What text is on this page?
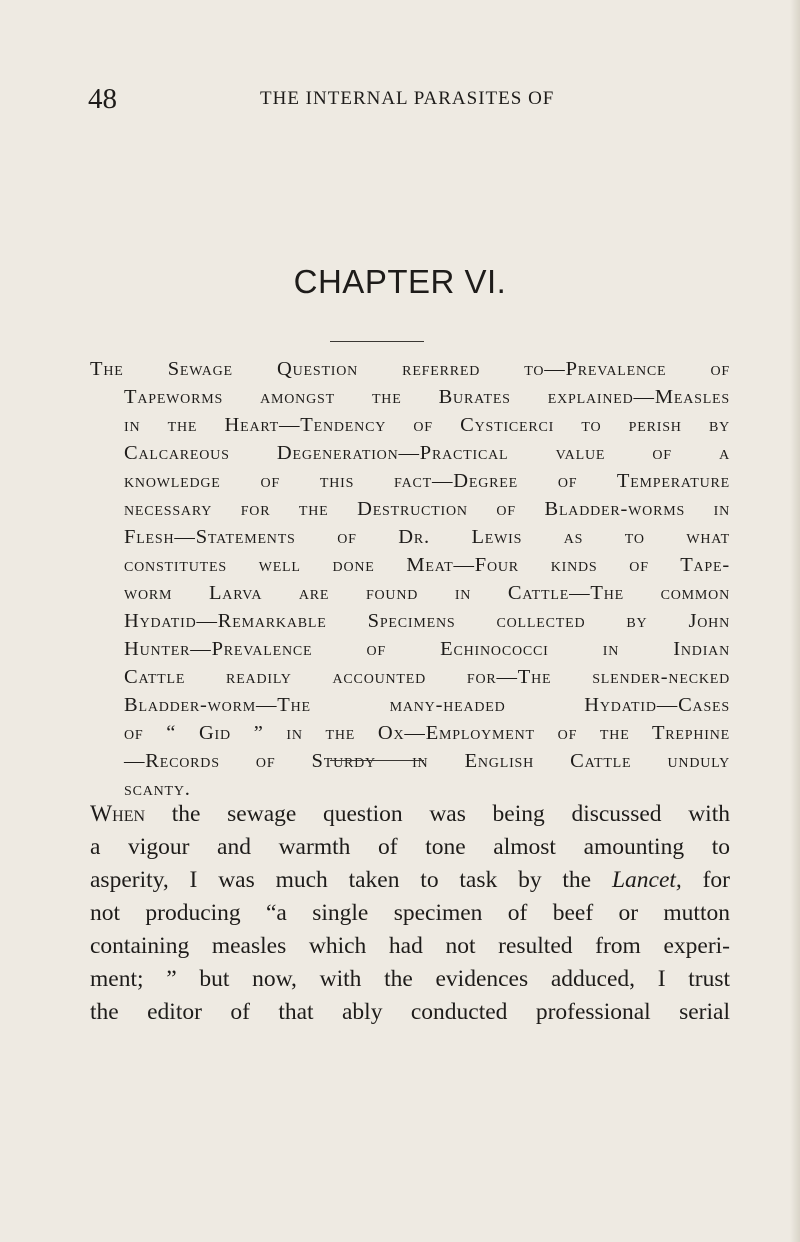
48	THE INTERNAL PARASITES OF
CHAPTER VI.
The Sewage Question referred to—Prevalence of
Tapeworms amongst the Burates explained—Measles
in the Heart—Tendency of Cysticerci to perish by
Calcareous Degeneration—Practical value of a
knowledge of this fact—Degree of Temperature
necessary for the Destruction of Bladder-worms in
Flesh—Statements of Dr. Lewis as to what
constitutes well done Meat—Four kinds of Tape-
worm Larva are found in Cattle—The common
Hydatid—Remarkable Specimens collected by John
Hunter—Prevalence of Echinococci in Indian
Cattle readily accounted for—The slender-necked
Bladder-worm—The many-headed Hydatid—Cases
of “ Gid ” in the Ox—Employment of the Trephine
—Records of Sturdy in English Cattle unduly
scanty.
When the sewage question was being discussed with
a vigour and warmth of tone almost amounting to
asperity, I was much taken to task by the Lancet, for
not producing “a single specimen of beef or mutton
containing measles which had not resulted from experi-
ment; ” but now, with the evidences adduced, I trust
the editor of that ably conducted professional serial
